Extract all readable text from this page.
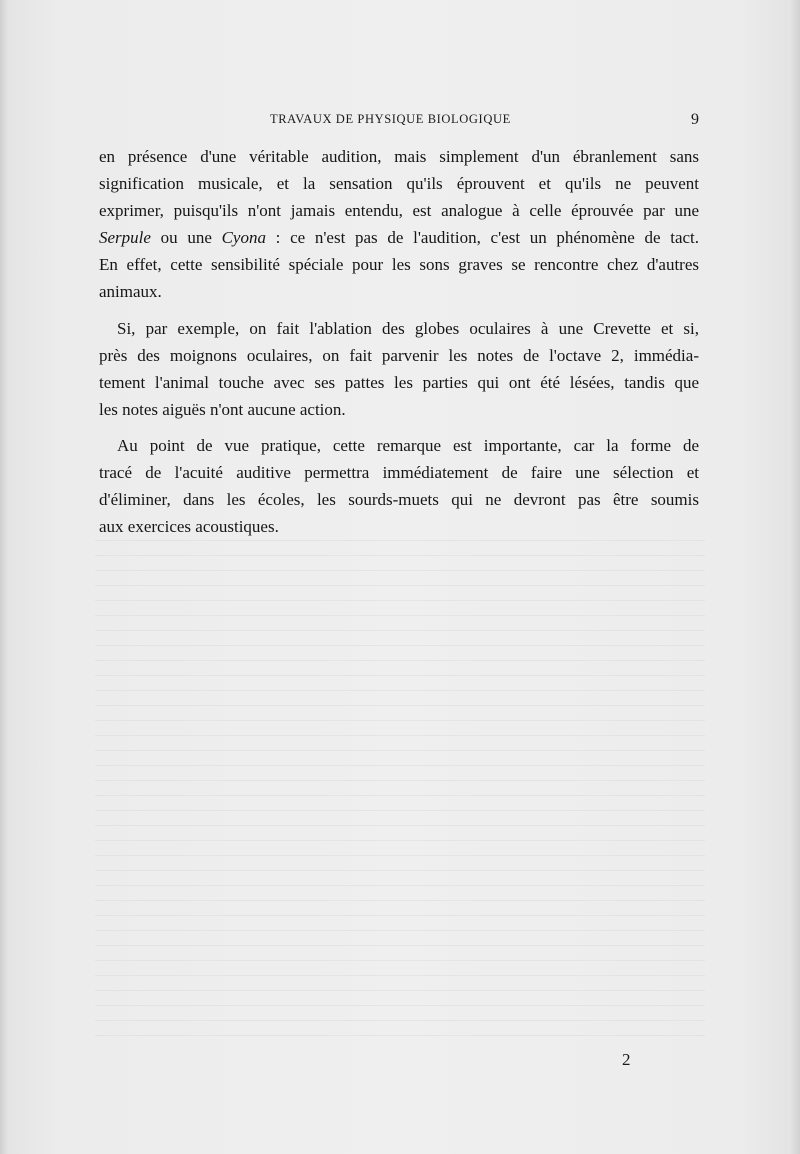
TRAVAUX DE PHYSIQUE BIOLOGIQUE	9

en présence d'une véritable audition, mais simplement d'un ébranlement sans
signification musicale, et la sensation qu'ils éprouvent et qu'ils ne peuvent
exprimer, puisqu'ils n'ont jamais entendu, est analogue à celle éprouvée par une
Serpule ou une Cyona : ce n'est pas de l'audition, c'est un phénomène de tact.
En effet, cette sensibilité spéciale pour les sons graves se rencontre chez d'autres
animaux.

Si, par exemple, on fait l'ablation des globes oculaires à une Crevette et si,
près des moignons oculaires, on fait parvenir les notes de l'octave 2, immédia-
tement l'animal touche avec ses pattes les parties qui ont été lésées, tandis que
les notes aiguës n'ont aucune action.

Au point de vue pratique, cette remarque est importante, car la forme de
tracé de l'acuité auditive permettra immédiatement de faire une sélection et
d'éliminer, dans les écoles, les sourds-muets qui ne devront pas être soumis
aux exercices acoustiques.

2
